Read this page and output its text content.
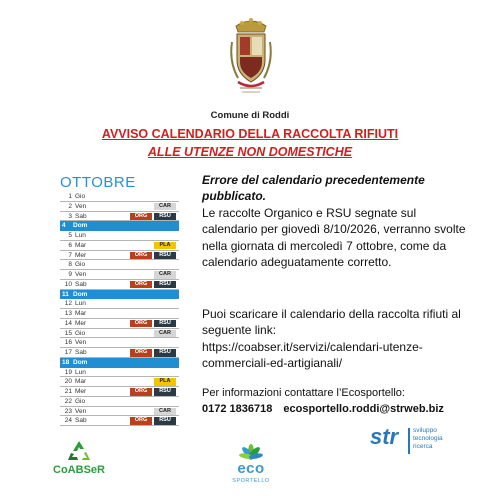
Comune di Roddi
AVVISO CALENDARIO DELLA RACCOLTA RIFIUTI
ALLE UTENZE NON DOMESTICHE
OTTOBRE
1 Gio
2 Ven	CAR
3 Sab	ORG	RSU
4	Dom
5 Lun
6 Mar	PLA
7 Mer	ORG	RSU
8 Gio
9 Ven	CAR
10 Sab	ORG	RSU
11 Dom
12 Lun
13 Mar
14 Mer	ORG	RSU
15 Gio	CAR
16 Ven
17 Sab	ORG	RSU
18 Dom
19 Lun
20 Mar	PLA
21 Mer	ORG	RSU
22 Gio
23 Ven	CAR
24 Sab	ORG	RSU
Errore del calendario precedentemente pubblicato.
Le raccolte Organico e RSU segnate sul calendario per giovedì 8/10/2026, verranno svolte nella giornata di mercoledì 7 ottobre, come da calendario adeguatamente corretto.
Puoi scaricare il calendario della raccolta rifiuti al seguente link:
https://coabser.it/servizi/calendari-utenze-commerciali-ed-artigianali/
Per informazioni contattare l’Ecosportello:
0172 1836718 ecosportello.roddi@strweb.biz
CoABSeR	eco
SPORTELLO
str sviluppo
tecnologia
ricerca
